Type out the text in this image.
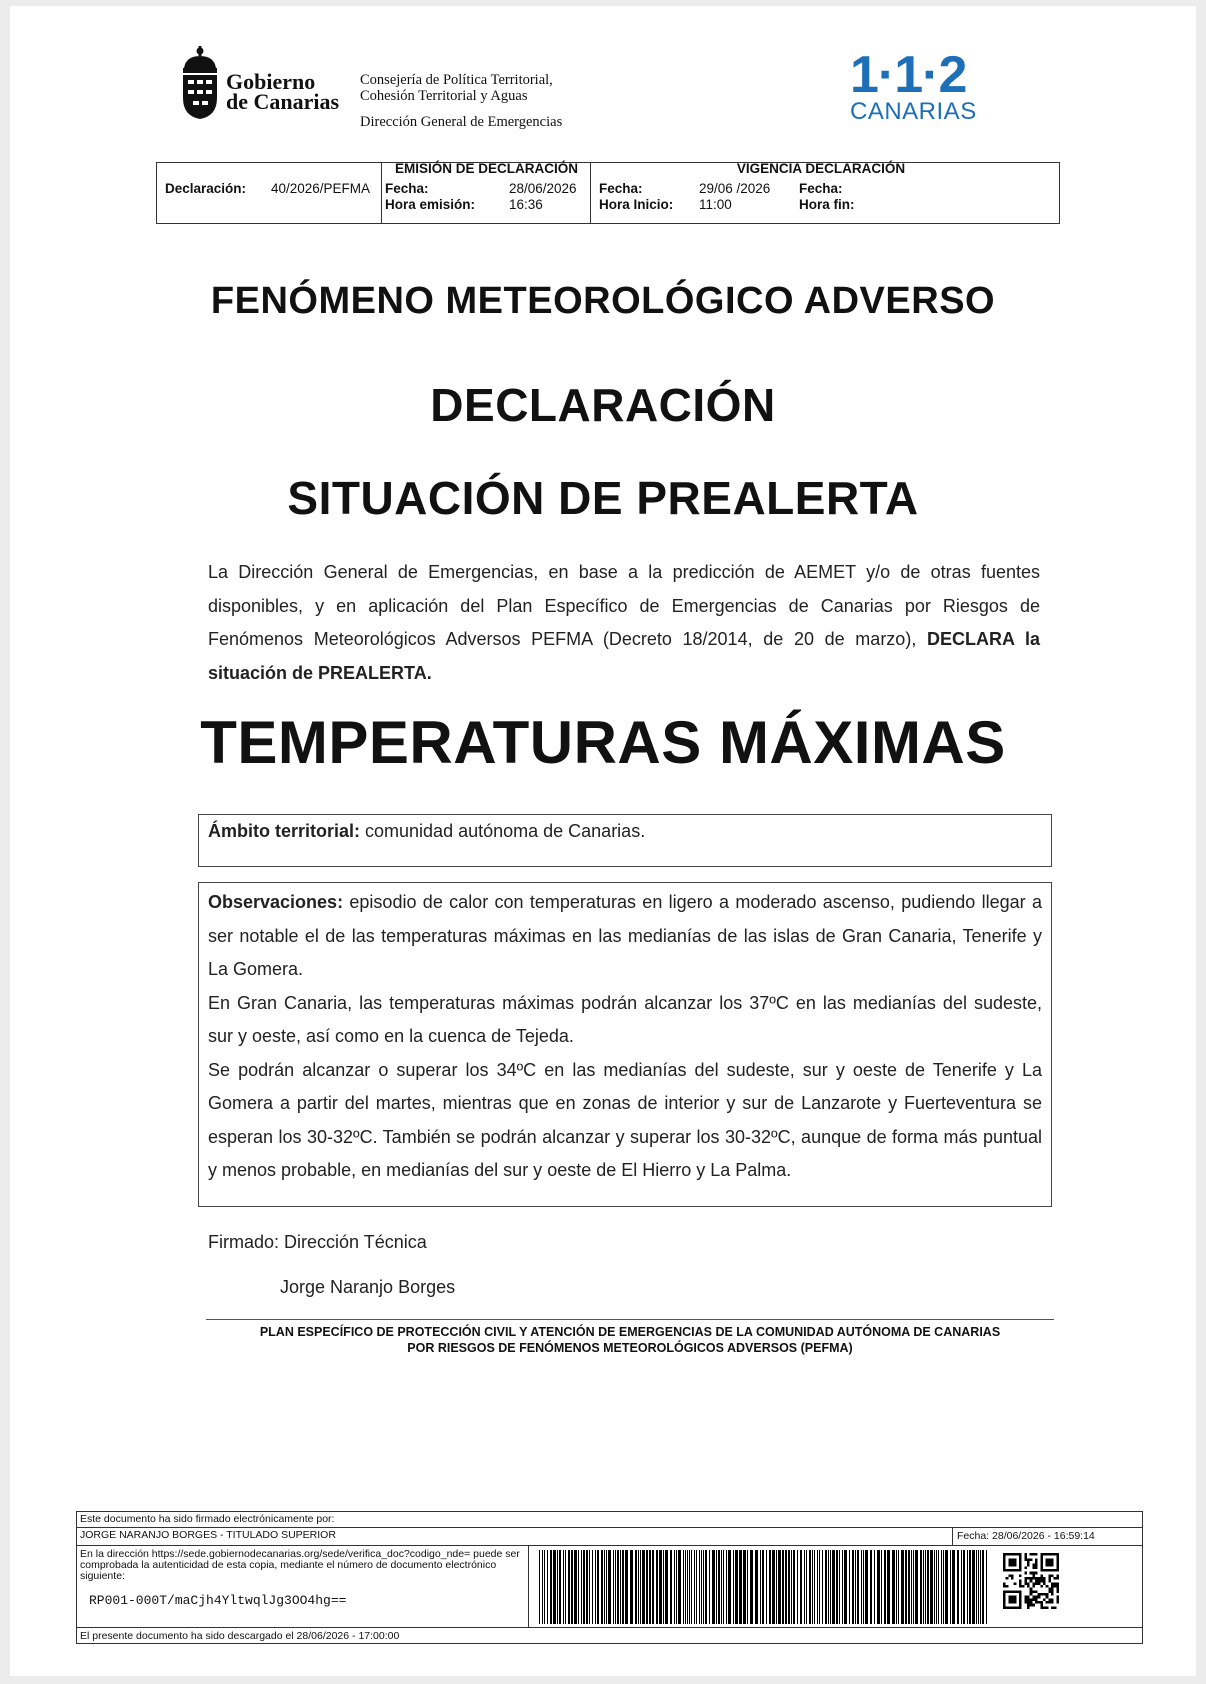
Gobierno
de Canarias
Consejería de Política Territorial,
Cohesión Territorial y Aguas
Dirección General de Emergencias
1·1·2
CANARIAS
Declaración: 40/2026/PEFMA
EMISIÓN DE DECLARACIÓN
Fecha:	28/06/2026
Hora emisión:	16:36
VIGENCIA DECLARACIÓN
Fecha:	29/06 /2026
Hora Inicio: 11:00
Fecha:
Hora fin:
FENÓMENO METEOROLÓGICO ADVERSO
DECLARACIÓN
SITUACIÓN DE PREALERTA
La Dirección General de Emergencias, en base a la predicción de AEMET y/o de otras fuentes disponibles, y en aplicación del Plan Específico de Emergencias de Canarias por Riesgos de Fenómenos Meteorológicos Adversos PEFMA (Decreto 18/2014, de 20 de marzo), DECLARA la situación de PREALERTA.
TEMPERATURAS MÁXIMAS
Ámbito territorial: comunidad autónoma de Canarias.
Observaciones: episodio de calor con temperaturas en ligero a moderado ascenso, pudiendo llegar a ser notable el de las temperaturas máximas en las medianías de las islas de Gran Canaria, Tenerife y La Gomera.
En Gran Canaria, las temperaturas máximas podrán alcanzar los 37ºC en las medianías del sudeste, sur y oeste, así como en la cuenca de Tejeda.
Se podrán alcanzar o superar los 34ºC en las medianías del sudeste, sur y oeste de Tenerife y La Gomera a partir del martes, mientras que en zonas de interior y sur de Lanzarote y Fuerteventura se esperan los 30-32ºC. También se podrán alcanzar y superar los 30-32ºC, aunque de forma más puntual y menos probable, en medianías del sur y oeste de El Hierro y La Palma.
Firmado: Dirección Técnica
Jorge Naranjo Borges
PLAN ESPECÍFICO DE PROTECCIÓN CIVIL Y ATENCIÓN DE EMERGENCIAS DE LA COMUNIDAD AUTÓNOMA DE CANARIAS
POR RIESGOS DE FENÓMENOS METEOROLÓGICOS ADVERSOS (PEFMA)
Este documento ha sido firmado electrónicamente por:
JORGE NARANJO BORGES - TITULADO SUPERIOR	Fecha: 28/06/2026 - 16:59:14
En la dirección https://sede.gobiernodecanarias.org/sede/verifica_doc?codigo_nde= puede ser comprobada la autenticidad de esta copia, mediante el número de documento electrónico siguiente:
RP001-000T/maCjh4YltwqlJg3OO4hg==
El presente documento ha sido descargado el 28/06/2026 - 17:00:00
